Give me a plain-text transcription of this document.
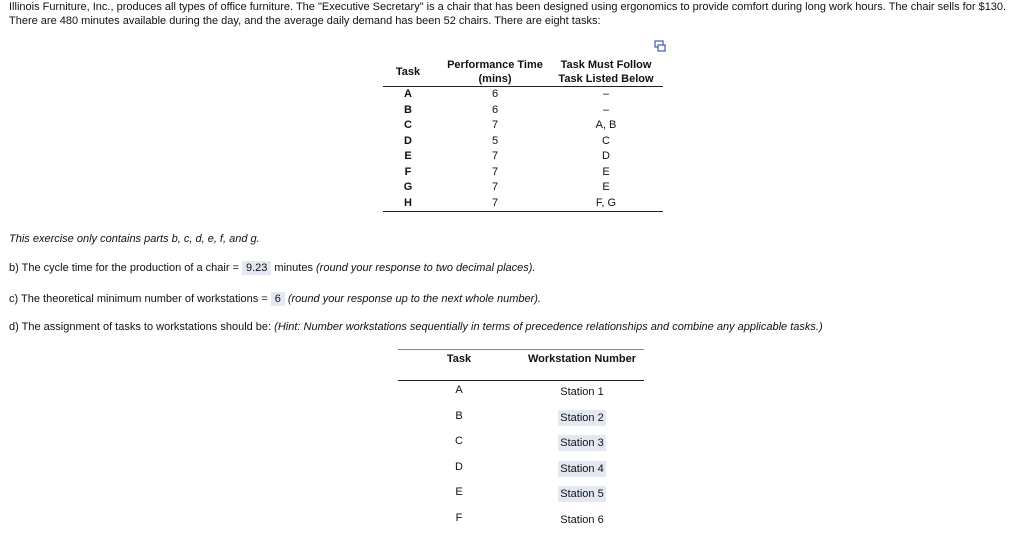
Illinois Furniture, Inc., produces all types of office furniture. The "Executive Secretary" is a chair that has been designed using ergonomics to provide comfort during long work hours. The chair sells for $130. There are 480 minutes available during the day, and the average daily demand has been 52 chairs. There are eight tasks:
Task
Performance Time
(mins)
Task Must Follow
Task Listed Below
A	6	–
B	6	–
C	7	A, B
D	5	C
E	7	D
F	7	E
G	7	E
H	7	F, G
This exercise only contains parts b, c, d, e, f, and g.
b) The cycle time for the production of a chair = 9.23 minutes (round your response to two decimal places).
c) The theoretical minimum number of workstations = 6 (round your response up to the next whole number).
d) The assignment of tasks to workstations should be: (Hint: Number workstations sequentially in terms of precedence relationships and combine any applicable tasks.)
Task	Workstation Number
A	Station 1
B	Station 2
C	Station 3
D	Station 4
E	Station 5
F	Station 6
